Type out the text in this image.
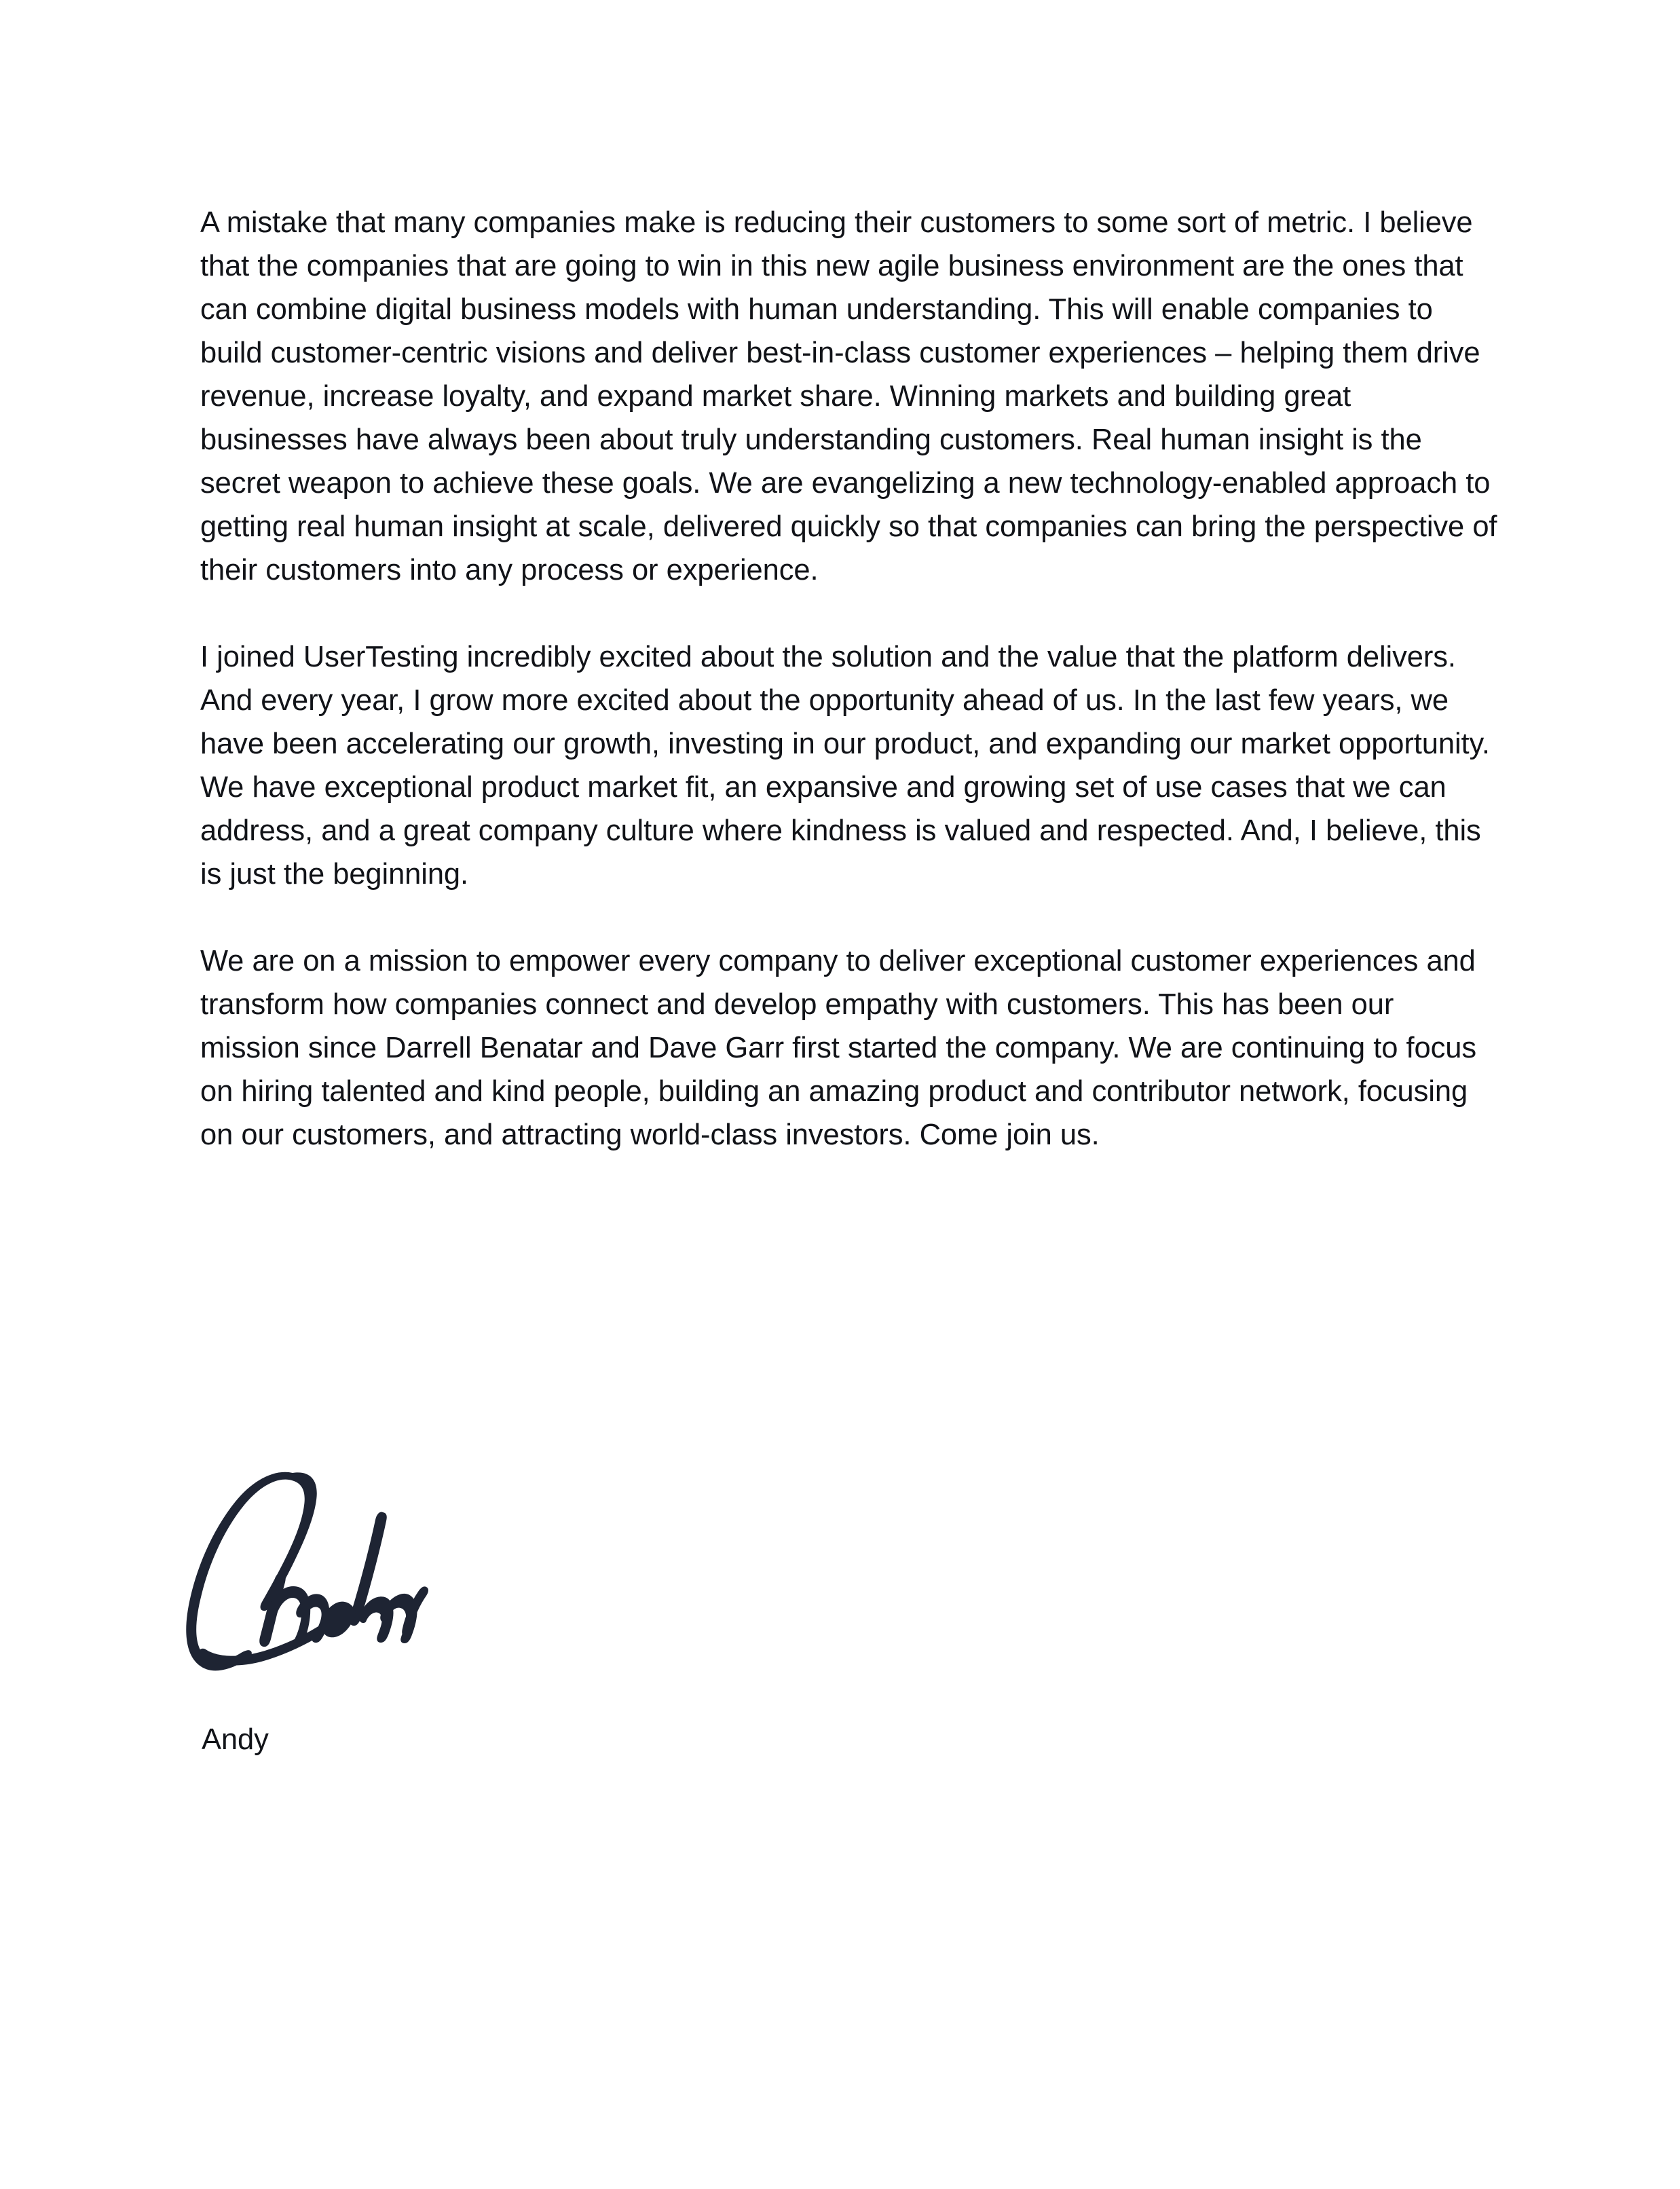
A mistake that many companies make is reducing their customers to some sort of metric. I believe that the companies that are going to win in this new agile business environment are the ones that can combine digital business models with human understanding. This will enable companies to build customer-centric visions and deliver best-in-class customer experiences – helping them drive revenue, increase loyalty, and expand market share. Winning markets and building great businesses have always been about truly understanding customers. Real human insight is the secret weapon to achieve these goals. We are evangelizing a new technology-enabled approach to getting real human insight at scale, delivered quickly so that companies can bring the perspective of their customers into any process or experience.

I joined UserTesting incredibly excited about the solution and the value that the platform delivers. And every year, I grow more excited about the opportunity ahead of us. In the last few years, we have been accelerating our growth, investing in our product, and expanding our market opportunity. We have exceptional product market fit, an expansive and growing set of use cases that we can address, and a great company culture where kindness is valued and respected. And, I believe, this is just the beginning.

We are on a mission to empower every company to deliver exceptional customer experiences and transform how companies connect and develop empathy with customers. This has been our mission since Darrell Benatar and Dave Garr first started the company. We are continuing to focus on hiring talented and kind people, building an amazing product and contributor network, focusing on our customers, and attracting world-class investors. Come join us.

Andy
